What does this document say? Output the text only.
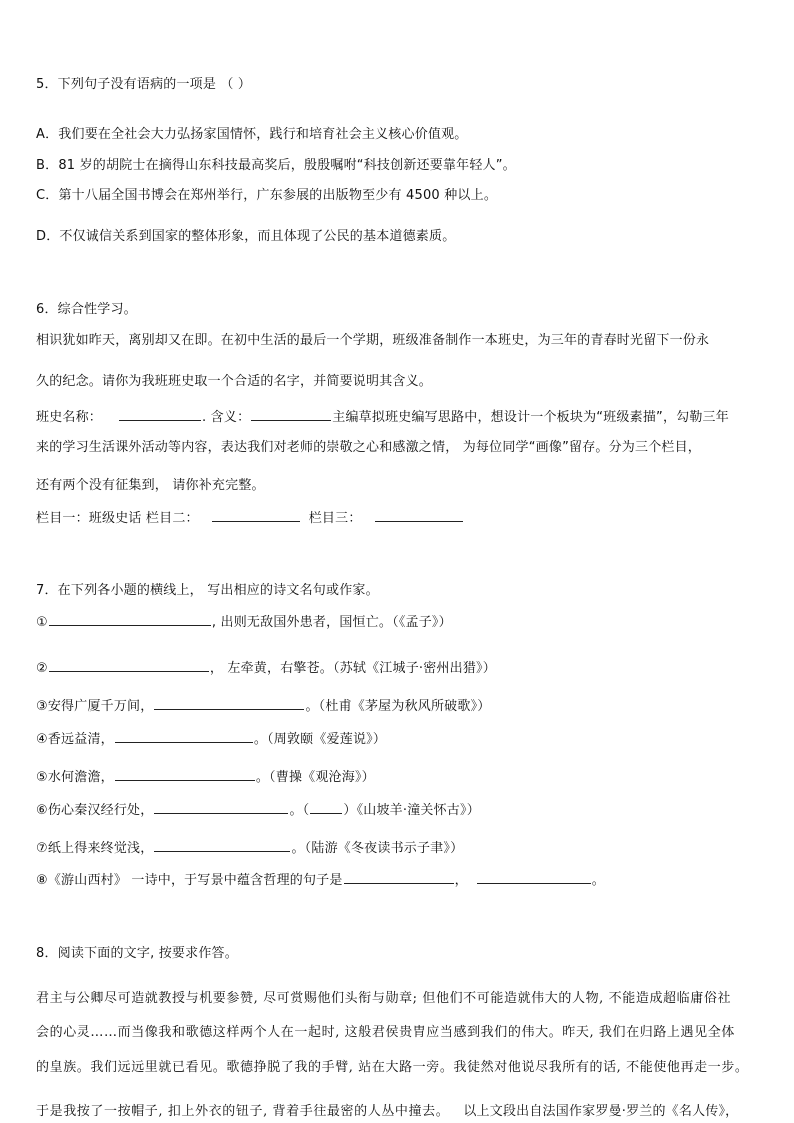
5．下列句子没有语病的一项是 （ ）
A．我们要在全社会大力弘扬家国情怀，践行和培育社会主义核心价值观。
B．81 岁的胡院士在摘得山东科技最高奖后，殷殷嘱咐“科技创新还要靠年轻人”。
C．第十八届全国书博会在郑州举行，广东参展的出版物至少有 4500 种以上。
D．不仅诚信关系到国家的整体形象，而且体现了公民的基本道德素质。
6．综合性学习。
相识犹如昨天，离别却又在即。在初中生活的最后一个学期，班级准备制作一本班史，为三年的青春时光留下一份永
久的纪念。请你为我班班史取一个合适的名字，并简要说明其含义。
班史名称：	. 含义：	主编草拟班史编写思路中，想设计一个板块为“班级素描”，勾勒三年
来的学习生活课外活动等内容，表达我们对老师的崇敬之心和感激之情， 为每位同学“画像”留存。分为三个栏目，
还有两个没有征集到， 请你补充完整。
栏目一：班级史话 栏目二：	栏目三：
7．在下列各小题的横线上， 写出相应的诗文名句或作家。
①	, 出则无敌国外患者，国恒亡。（《孟子》）
②	， 左牵黄，右擎苍。（苏轼《江城子·密州出猎》）
③安得广厦千万间，	。（杜甫《茅屋为秋风所破歌》）
④香远益清，	。（周敦颐《爱莲说》）
⑤水何澹澹，	。（曹操《观沧海》）
⑥伤心秦汉经行处，	。（	）《山坡羊·潼关怀古》）
⑦纸上得来终觉浅，	。（陆游《冬夜读书示子聿》）
⑧《游山西村》 一诗中，于写景中蕴含哲理的句子是	，	。
8．阅读下面的文字, 按要求作答。
君主与公卿尽可造就教授与机要参赞, 尽可赏赐他们头衔与勋章; 但他们不可能造就伟大的人物, 不能造成超临庸俗社
会的心灵……而当像我和歌德这样两个人在一起时, 这般君侯贵胄应当感到我们的伟大。昨天, 我们在归路上遇见全体
的皇族。我们远远里就已看见。歌德挣脱了我的手臂, 站在大路一旁。我徒然对他说尽我所有的话, 不能使他再走一步。
于是我按了一按帽子, 扣上外衣的钮子, 背着手往最密的人丛中撞去。 以上文段出自法国作家罗曼·罗兰的《名人传》，
